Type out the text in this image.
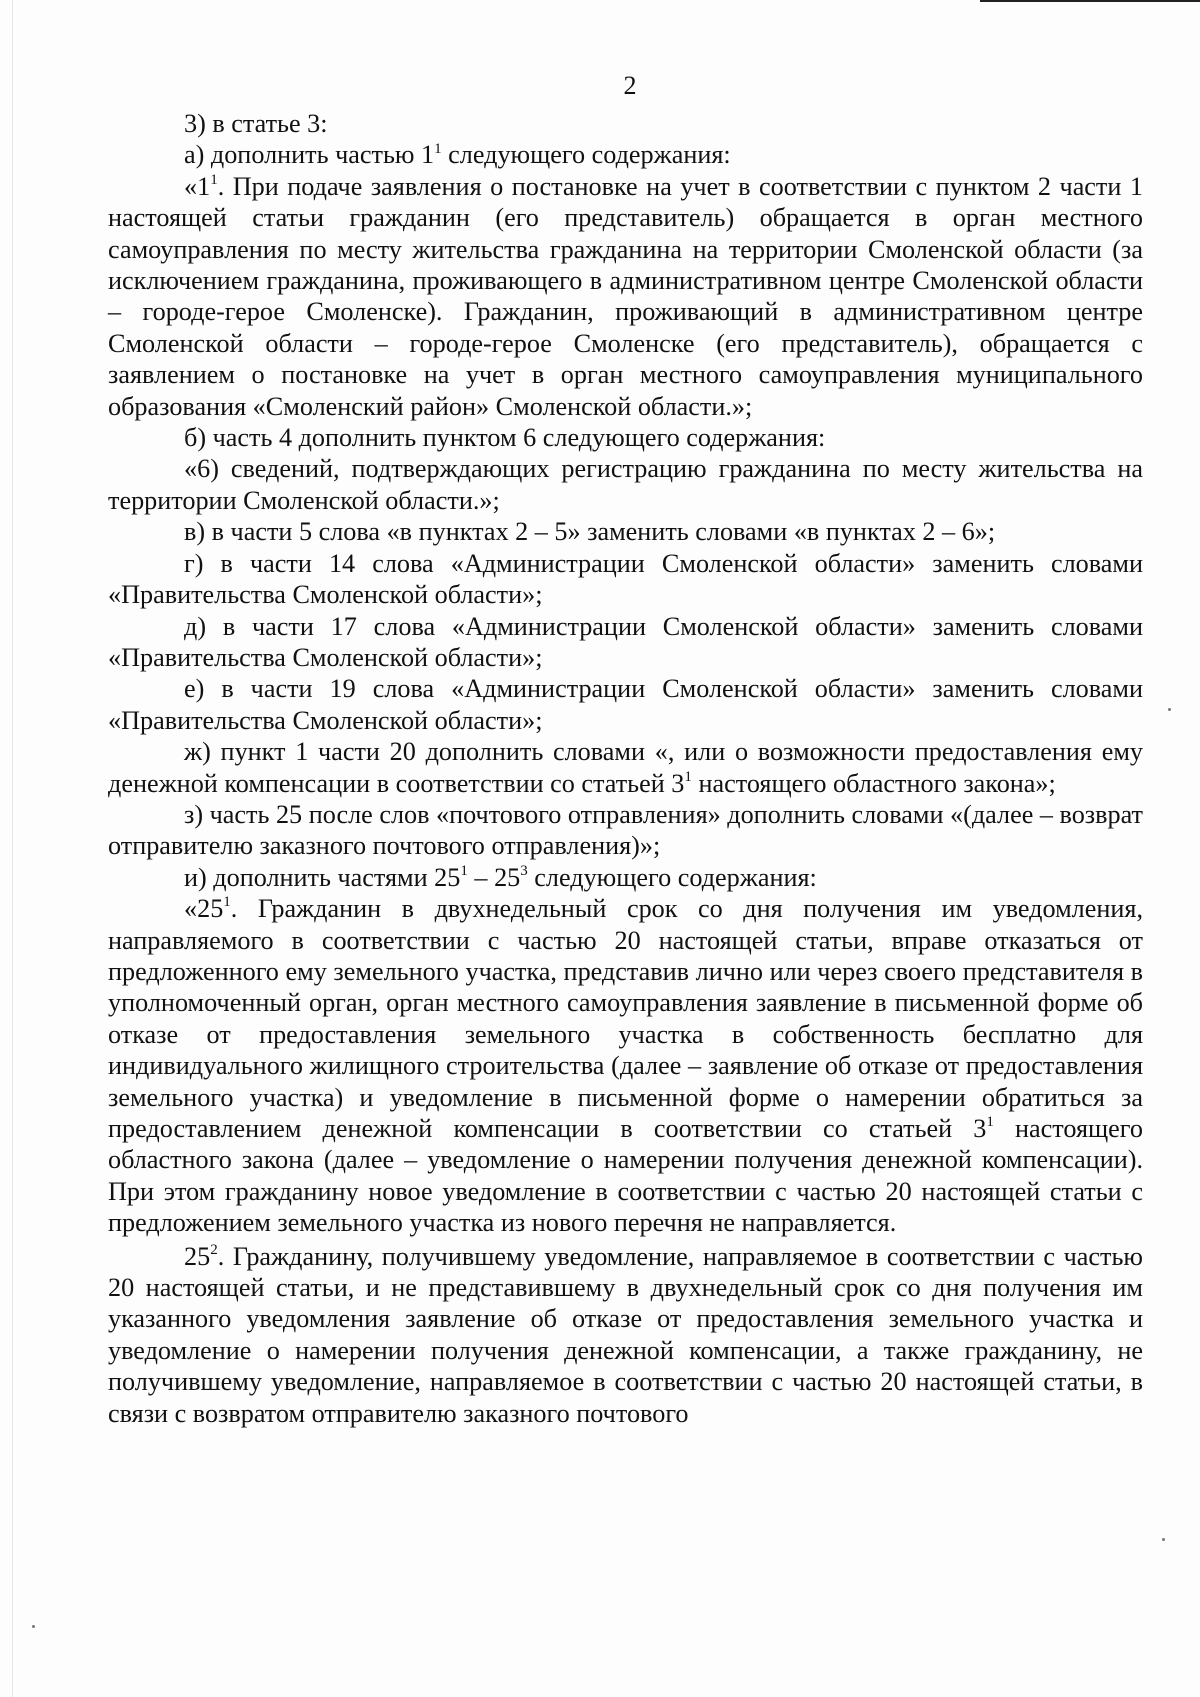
2

3) в статье 3:

а) дополнить частью $1^1$ следующего содержания:

«$1^1$. При подаче заявления о постановке на учет в соответствии с пунктом 2 части 1 настоящей статьи гражданин (его представитель) обращается в орган местного самоуправления по месту жительства гражданина на территории Смоленской области (за исключением гражданина, проживающего в административном центре Смоленской области – городе-герое Смоленске). Гражданин, проживающий в административном центре Смоленской области – городе-герое Смоленске (его представитель), обращается с заявлением о постановке на учет в орган местного самоуправления муниципального образования «Смоленский район» Смоленской области.»;

б) часть 4 дополнить пунктом 6 следующего содержания:

«6) сведений, подтверждающих регистрацию гражданина по месту жительства на территории Смоленской области.»;

в) в части 5 слова «в пунктах 2 – 5» заменить словами «в пунктах 2 – 6»;

г) в части 14 слова «Администрации Смоленской области» заменить словами «Правительства Смоленской области»;

д) в части 17 слова «Администрации Смоленской области» заменить словами «Правительства Смоленской области»;

е) в части 19 слова «Администрации Смоленской области» заменить словами «Правительства Смоленской области»;

ж) пункт 1 части 20 дополнить словами «, или о возможности предоставления ему денежной компенсации в соответствии со статьей $3^1$ настоящего областного закона»;

з) часть 25 после слов «почтового отправления» дополнить словами «(далее – возврат отправителю заказного почтового отправления)»;

и) дополнить частями $25^1 - 25^3$ следующего содержания:

«$25^1$. Гражданин в двухнедельный срок со дня получения им уведомления, направляемого в соответствии с частью 20 настоящей статьи, вправе отказаться от предложенного ему земельного участка, представив лично или через своего представителя в уполномоченный орган, орган местного самоуправления заявление в письменной форме об отказе от предоставления земельного участка в собственность бесплатно для индивидуального жилищного строительства (далее – заявление об отказе от предоставления земельного участка) и уведомление в письменной форме о намерении обратиться за предоставлением денежной компенсации в соответствии со статьей $3^1$ настоящего областного закона (далее – уведомление о намерении получения денежной компенсации). При этом гражданину новое уведомление в соответствии с частью 20 настоящей статьи с предложением земельного участка из нового перечня не направляется.

$25^2$. Гражданину, получившему уведомление, направляемое в соответствии с частью 20 настоящей статьи, и не представившему в двухнедельный срок со дня получения им указанного уведомления заявление об отказе от предоставления земельного участка и уведомление о намерении получения денежной компенсации, а также гражданину, не получившему уведомление, направляемое в соответствии с частью 20 настоящей статьи, в связи с возвратом отправителю заказного почтового
